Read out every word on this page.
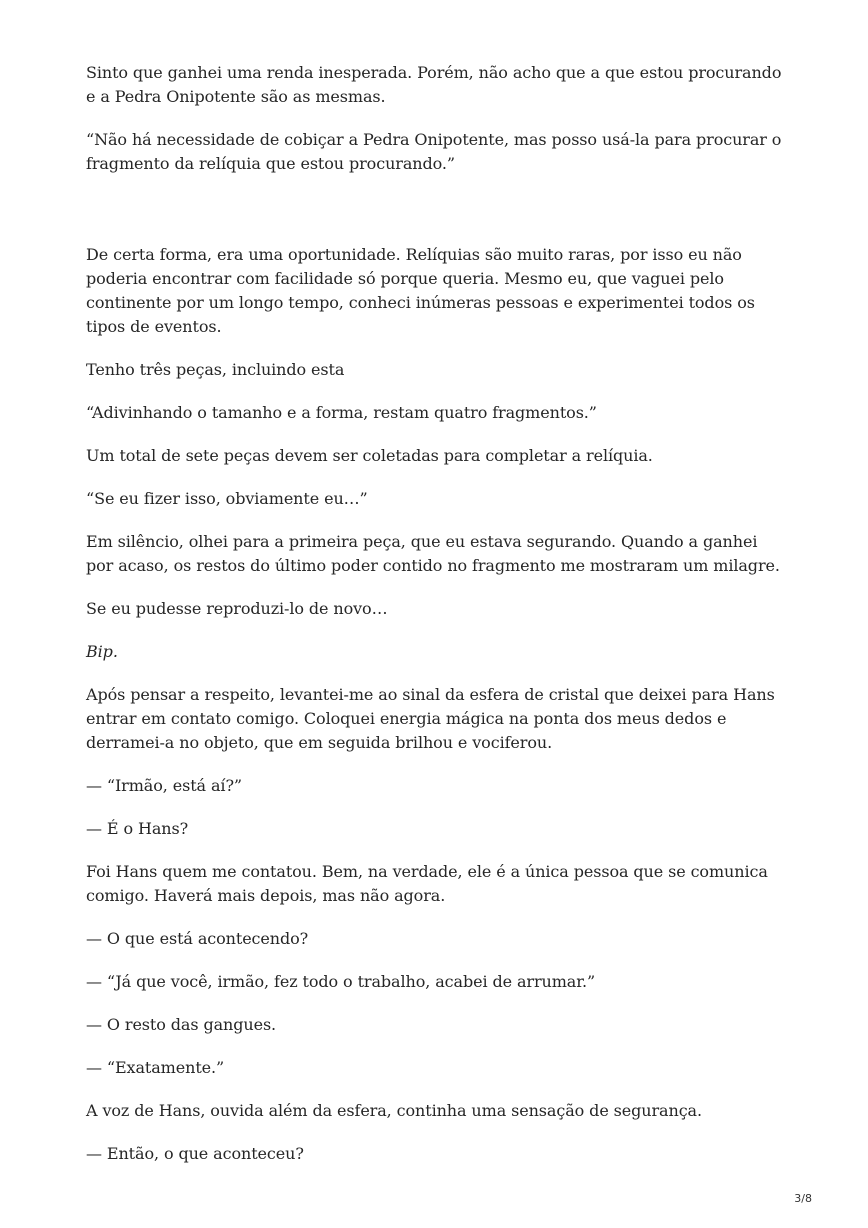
Sinto que ganhei uma renda inesperada. Porém, não acho que a que estou procurando e a Pedra Onipotente são as mesmas.

“Não há necessidade de cobiçar a Pedra Onipotente, mas posso usá-la para procurar o fragmento da relíquia que estou procurando.”

De certa forma, era uma oportunidade. Relíquias são muito raras, por isso eu não poderia encontrar com facilidade só porque queria. Mesmo eu, que vaguei pelo continente por um longo tempo, conheci inúmeras pessoas e experimentei todos os tipos de eventos.

Tenho três peças, incluindo esta

“Adivinhando o tamanho e a forma, restam quatro fragmentos.”

Um total de sete peças devem ser coletadas para completar a relíquia.

“Se eu fizer isso, obviamente eu…”

Em silêncio, olhei para a primeira peça, que eu estava segurando. Quando a ganhei por acaso, os restos do último poder contido no fragmento me mostraram um milagre.

Se eu pudesse reproduzi-lo de novo…

Bip.

Após pensar a respeito, levantei-me ao sinal da esfera de cristal que deixei para Hans entrar em contato comigo. Coloquei energia mágica na ponta dos meus dedos e derramei-a no objeto, que em seguida brilhou e vociferou.

— “Irmão, está aí?”

— É o Hans?

Foi Hans quem me contatou. Bem, na verdade, ele é a única pessoa que se comunica comigo. Haverá mais depois, mas não agora.

— O que está acontecendo?

— “Já que você, irmão, fez todo o trabalho, acabei de arrumar.”

— O resto das gangues.

— “Exatamente.”

A voz de Hans, ouvida além da esfera, continha uma sensação de segurança.

— Então, o que aconteceu?

3/8
